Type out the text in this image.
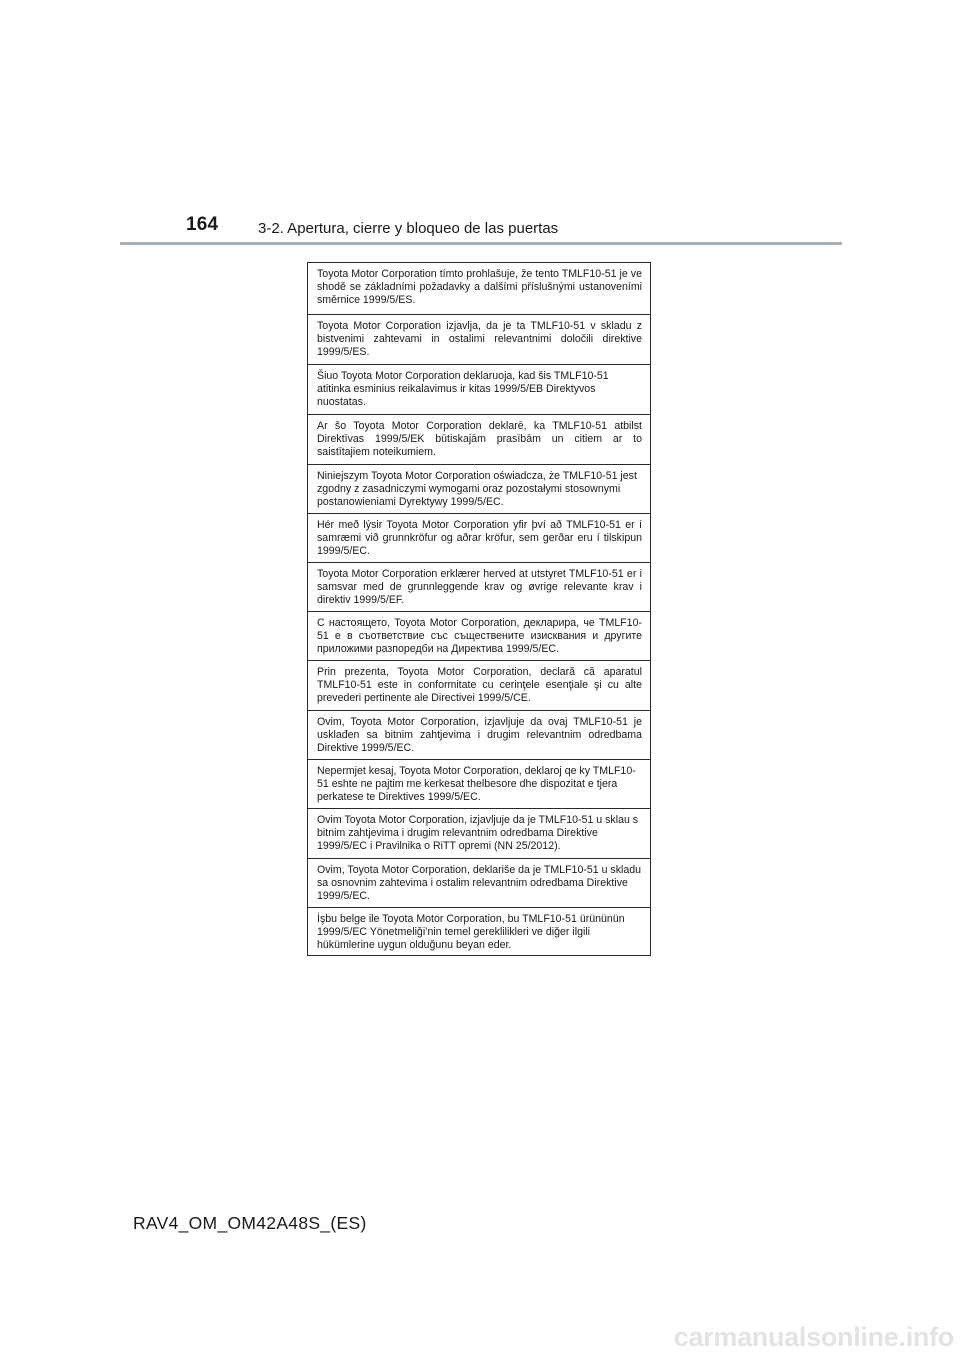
164	3-2. Apertura, cierre y bloqueo de las puertas
Toyota Motor Corporation tímto prohlašuje, že tento TMLF10-51 je ve shodě se základními požadavky a dalšími příslušnými ustanoveními směrnice 1999/5/ES.
Toyota Motor Corporation izjavlja, da je ta TMLF10-51 v skladu z bistvenimi zahtevami in ostalimi relevantnimi določili direktive 1999/5/ES.
Šiuo Toyota Motor Corporation deklaruoja, kad šis TMLF10-51 atitinka esminius reikalavimus ir kitas 1999/5/EB Direktyvos nuostatas.
Ar šo Toyota Motor Corporation deklarē, ka TMLF10-51 atbilst Direktīvas 1999/5/EK būtiskajām prasībām un citiem ar to saistītajiem noteikumiem.
Niniejszym Toyota Motor Corporation oświadcza, że TMLF10-51 jest zgodny z zasadniczymi wymogami oraz pozostałymi stosownymi postanowieniami Dyrektywy 1999/5/EC.
Hér með lýsir Toyota Motor Corporation yfir því að TMLF10-51 er í samræmi við grunnkröfur og aðrar kröfur, sem gerðar eru í tilskipun 1999/5/EC.
Toyota Motor Corporation erklærer herved at utstyret TMLF10-51 er i samsvar med de grunnleggende krav og øvrige relevante krav i direktiv 1999/5/EF.
С настоящето, Toyota Motor Corporation, декларира, че TMLF10-51 е в съответствие със съществените изисквания и другите приложими разпоредби на Директива 1999/5/ЕС.
Prin prezenta, Toyota Motor Corporation, declară că aparatul TMLF10-51 este in conformitate cu cerinţele esenţiale şi cu alte prevederi pertinente ale Directivei 1999/5/CE.
Ovim, Toyota Motor Corporation, izjavljuje da ovaj TMLF10-51 je usklađen sa bitnim zahtjevima i drugim relevantnim odredbama Direktive 1999/5/EC.
Nepermjet kesaj, Toyota Motor Corporation, deklaroj qe ky TMLF10-51 eshte ne pajtim me kerkesat thelbesore dhe dispozitat e tjera perkatese te Direktives 1999/5/EC.
Ovim Toyota Motor Corporation, izjavljuje da je TMLF10-51 u sklau s bitnim zahtjevima i drugim relevantnim odredbama Direktive 1999/5/EC i Pravilnika o RiTT opremi (NN 25/2012).
Ovim, Toyota Motor Corporation, deklariše da je TMLF10-51 u skladu sa osnovnim zahtevima i ostalim relevantnim odredbama Direktive 1999/5/EC.
İşbu belge ile Toyota Motor Corporation, bu TMLF10-51 ürününün 1999/5/EC Yönetmeliği’nin temel gereklilikleri ve diğer ilgili hükümlerine uygun olduğunu beyan eder.
RAV4_OM_OM42A48S_(ES)
carmanualsonline.info
